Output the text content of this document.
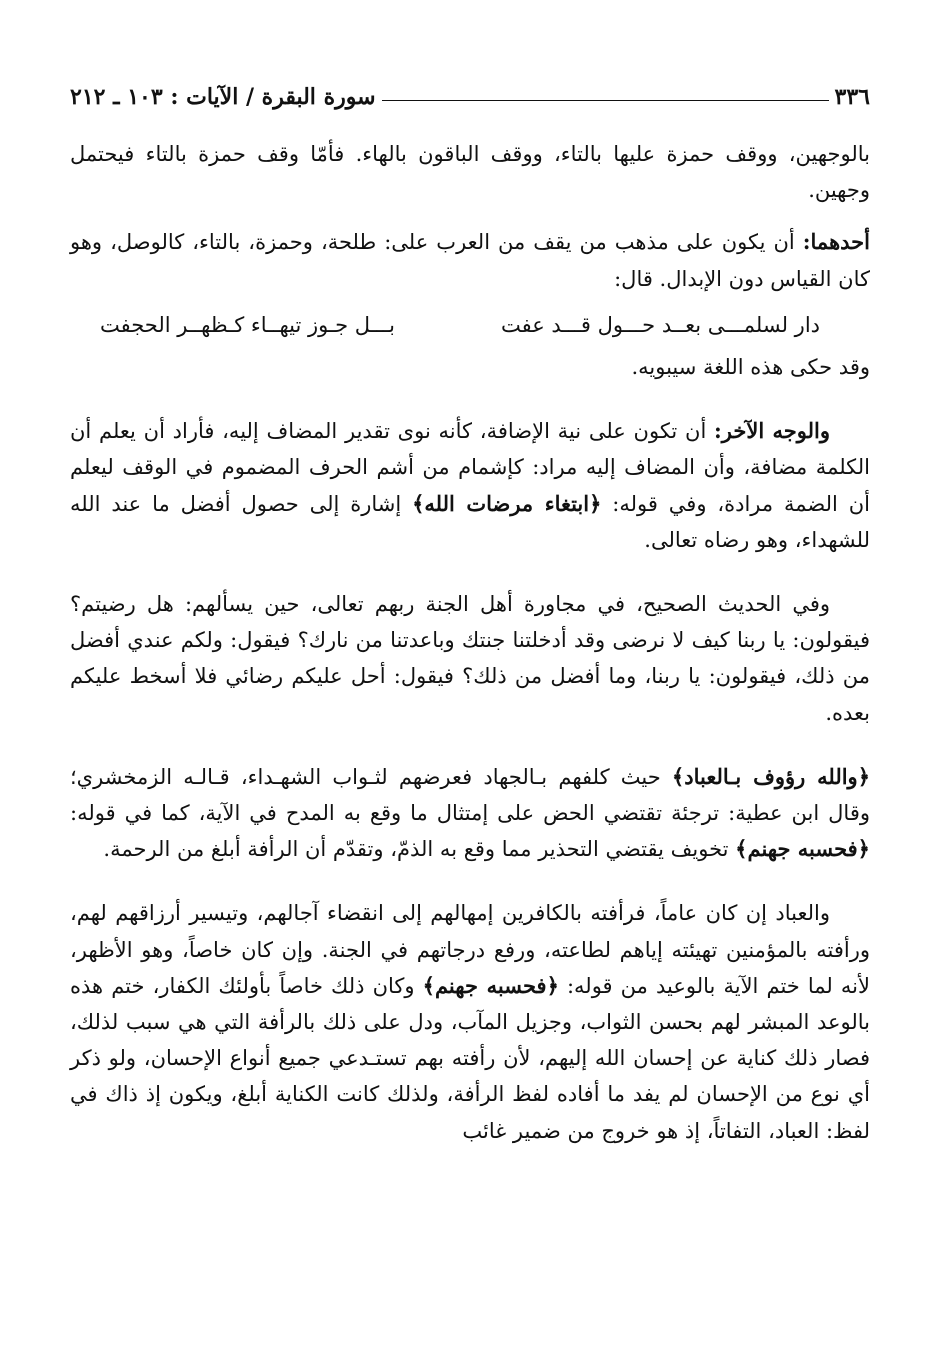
٣٣٦
سورة البقرة / الآيات : ١٠٣ ـ ٢١٢

بالوجهين، ووقف حمزة عليها بالتاء، ووقف الباقون بالهاء. فأمّا وقف حمزة بالتاء فيحتمل وجهين.

أحدهما: أن يكون على مذهب من يقف من العرب على: طلحة، وحمزة، بالتاء، كالوصل، وهو كان القياس دون الإبدال. قال:

دار لسلمـــى بعــد حـــول قـــد عفت
بـــل جـوز تيهــاء كـظهــر الحجفت

وقد حكى هذه اللغة سيبويه.

والوجه الآخر: أن تكون على نية الإضافة، كأنه نوى تقدير المضاف إليه، فأراد أن يعلم أن الكلمة مضافة، وأن المضاف إليه مراد: كإشمام من أشم الحرف المضموم في الوقف ليعلم أن الضمة مرادة، وفي قوله: ﴿ابتغاء مرضات الله﴾ إشارة إلى حصول أفضل ما عند الله للشهداء، وهو رضاه تعالى.

وفي الحديث الصحيح، في مجاورة أهل الجنة ربهم تعالى، حين يسألهم: هل رضيتم؟ فيقولون: يا ربنا كيف لا نرضى وقد أدخلتنا جنتك وباعدتنا من نارك؟ فيقول: ولكم عندي أفضل من ذلك، فيقولون: يا ربنا، وما أفضل من ذلك؟ فيقول: أحل عليكم رضائي فلا أسخط عليكم بعده.

﴿والله رؤوف بـالعباد﴾ حيث كلفهم بـالجهاد فعرضهم لثـواب الشهـداء، قـالـه الزمخشري؛ وقال ابن عطية: ترجئة تقتضي الحض على إمتثال ما وقع به المدح في الآية، كما في قوله: ﴿فحسبه جهنم﴾ تخويف يقتضي التحذير مما وقع به الذمّ، وتقدّم أن الرأفة أبلغ من الرحمة.

والعباد إن كان عاماً، فرأفته بالكافرين إمهالهم إلى انقضاء آجالهم، وتيسير أرزاقهم لهم، ورأفته بالمؤمنين تهيئته إياهم لطاعته، ورفع درجاتهم في الجنة. وإن كان خاصاً، وهو الأظهر، لأنه لما ختم الآية بالوعيد من قوله: ﴿فحسبه جهنم﴾ وكان ذلك خاصاً بأولئك الكفار، ختم هذه بالوعد المبشر لهم بحسن الثواب، وجزيل المآب، ودل على ذلك بالرأفة التي هي سبب لذلك، فصار ذلك كناية عن إحسان الله إليهم، لأن رأفته بهم تستـدعي جميع أنواع الإحسان، ولو ذكر أي نوع من الإحسان لم يفد ما أفاده لفظ الرأفة، ولذلك كانت الكناية أبلغ، ويكون إذ ذاك في لفظ: العباد، التفاتاً، إذ هو خروج من ضمير غائب
